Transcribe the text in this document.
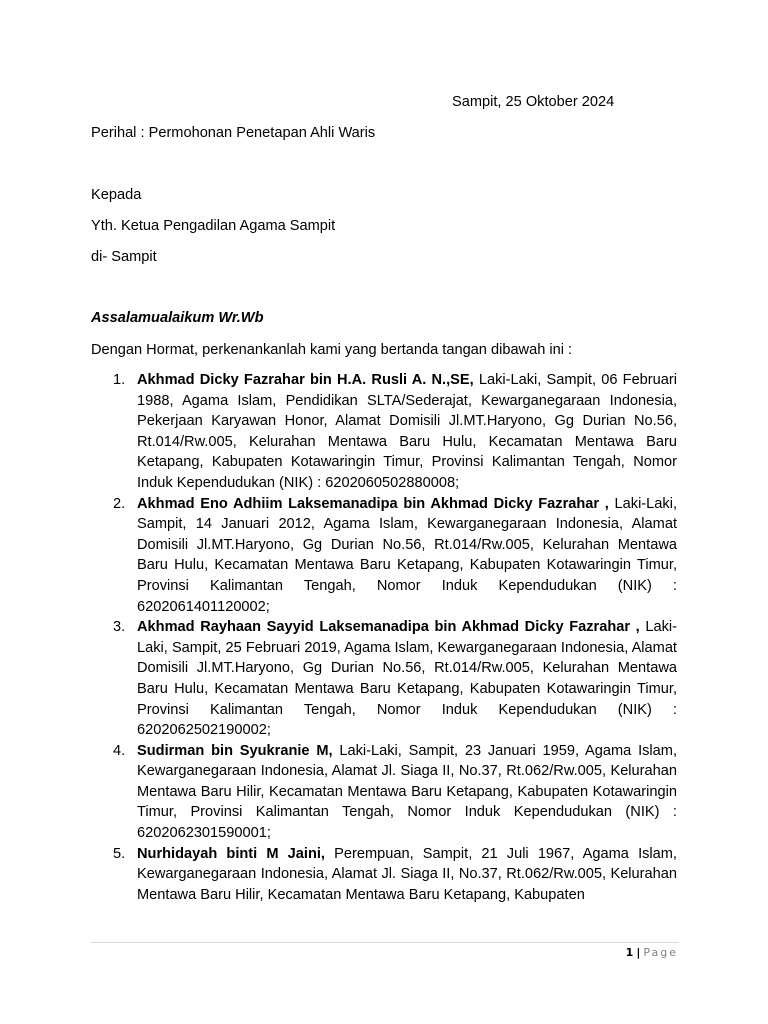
Sampit, 25 Oktober 2024
Perihal : Permohonan Penetapan Ahli Waris
Kepada
Yth. Ketua Pengadilan Agama Sampit
di- Sampit
Assalamualaikum Wr.Wb
Dengan Hormat, perkenankanlah kami yang bertanda tangan dibawah ini :
1. Akhmad Dicky Fazrahar bin H.A. Rusli A. N.,SE, Laki-Laki, Sampit, 06 Februari 1988, Agama Islam, Pendidikan SLTA/Sederajat, Kewarganegaraan Indonesia, Pekerjaan Karyawan Honor, Alamat Domisili Jl.MT.Haryono, Gg Durian No.56, Rt.014/Rw.005, Kelurahan Mentawa Baru Hulu, Kecamatan Mentawa Baru Ketapang, Kabupaten Kotawaringin Timur, Provinsi Kalimantan Tengah, Nomor Induk Kependudukan (NIK) : 6202060502880008;
2. Akhmad Eno Adhiim Laksemanadipa bin Akhmad Dicky Fazrahar , Laki-Laki, Sampit, 14 Januari 2012, Agama Islam, Kewarganegaraan Indonesia, Alamat Domisili Jl.MT.Haryono, Gg Durian No.56, Rt.014/Rw.005, Kelurahan Mentawa Baru Hulu, Kecamatan Mentawa Baru Ketapang, Kabupaten Kotawaringin Timur, Provinsi Kalimantan Tengah, Nomor Induk Kependudukan (NIK) : 6202061401120002;
3. Akhmad Rayhaan Sayyid Laksemanadipa bin Akhmad Dicky Fazrahar , Laki-Laki, Sampit, 25 Februari 2019, Agama Islam, Kewarganegaraan Indonesia, Alamat Domisili Jl.MT.Haryono, Gg Durian No.56, Rt.014/Rw.005, Kelurahan Mentawa Baru Hulu, Kecamatan Mentawa Baru Ketapang, Kabupaten Kotawaringin Timur, Provinsi Kalimantan Tengah, Nomor Induk Kependudukan (NIK) : 6202062502190002;
4. Sudirman bin Syukranie M, Laki-Laki, Sampit, 23 Januari 1959, Agama Islam, Kewarganegaraan Indonesia, Alamat Jl. Siaga II, No.37, Rt.062/Rw.005, Kelurahan Mentawa Baru Hilir, Kecamatan Mentawa Baru Ketapang, Kabupaten Kotawaringin Timur, Provinsi Kalimantan Tengah, Nomor Induk Kependudukan (NIK) : 6202062301590001;
5. Nurhidayah binti M Jaini, Perempuan, Sampit, 21 Juli 1967, Agama Islam, Kewarganegaraan Indonesia, Alamat Jl. Siaga II, No.37, Rt.062/Rw.005, Kelurahan Mentawa Baru Hilir, Kecamatan Mentawa Baru Ketapang, Kabupaten
1 | Page
